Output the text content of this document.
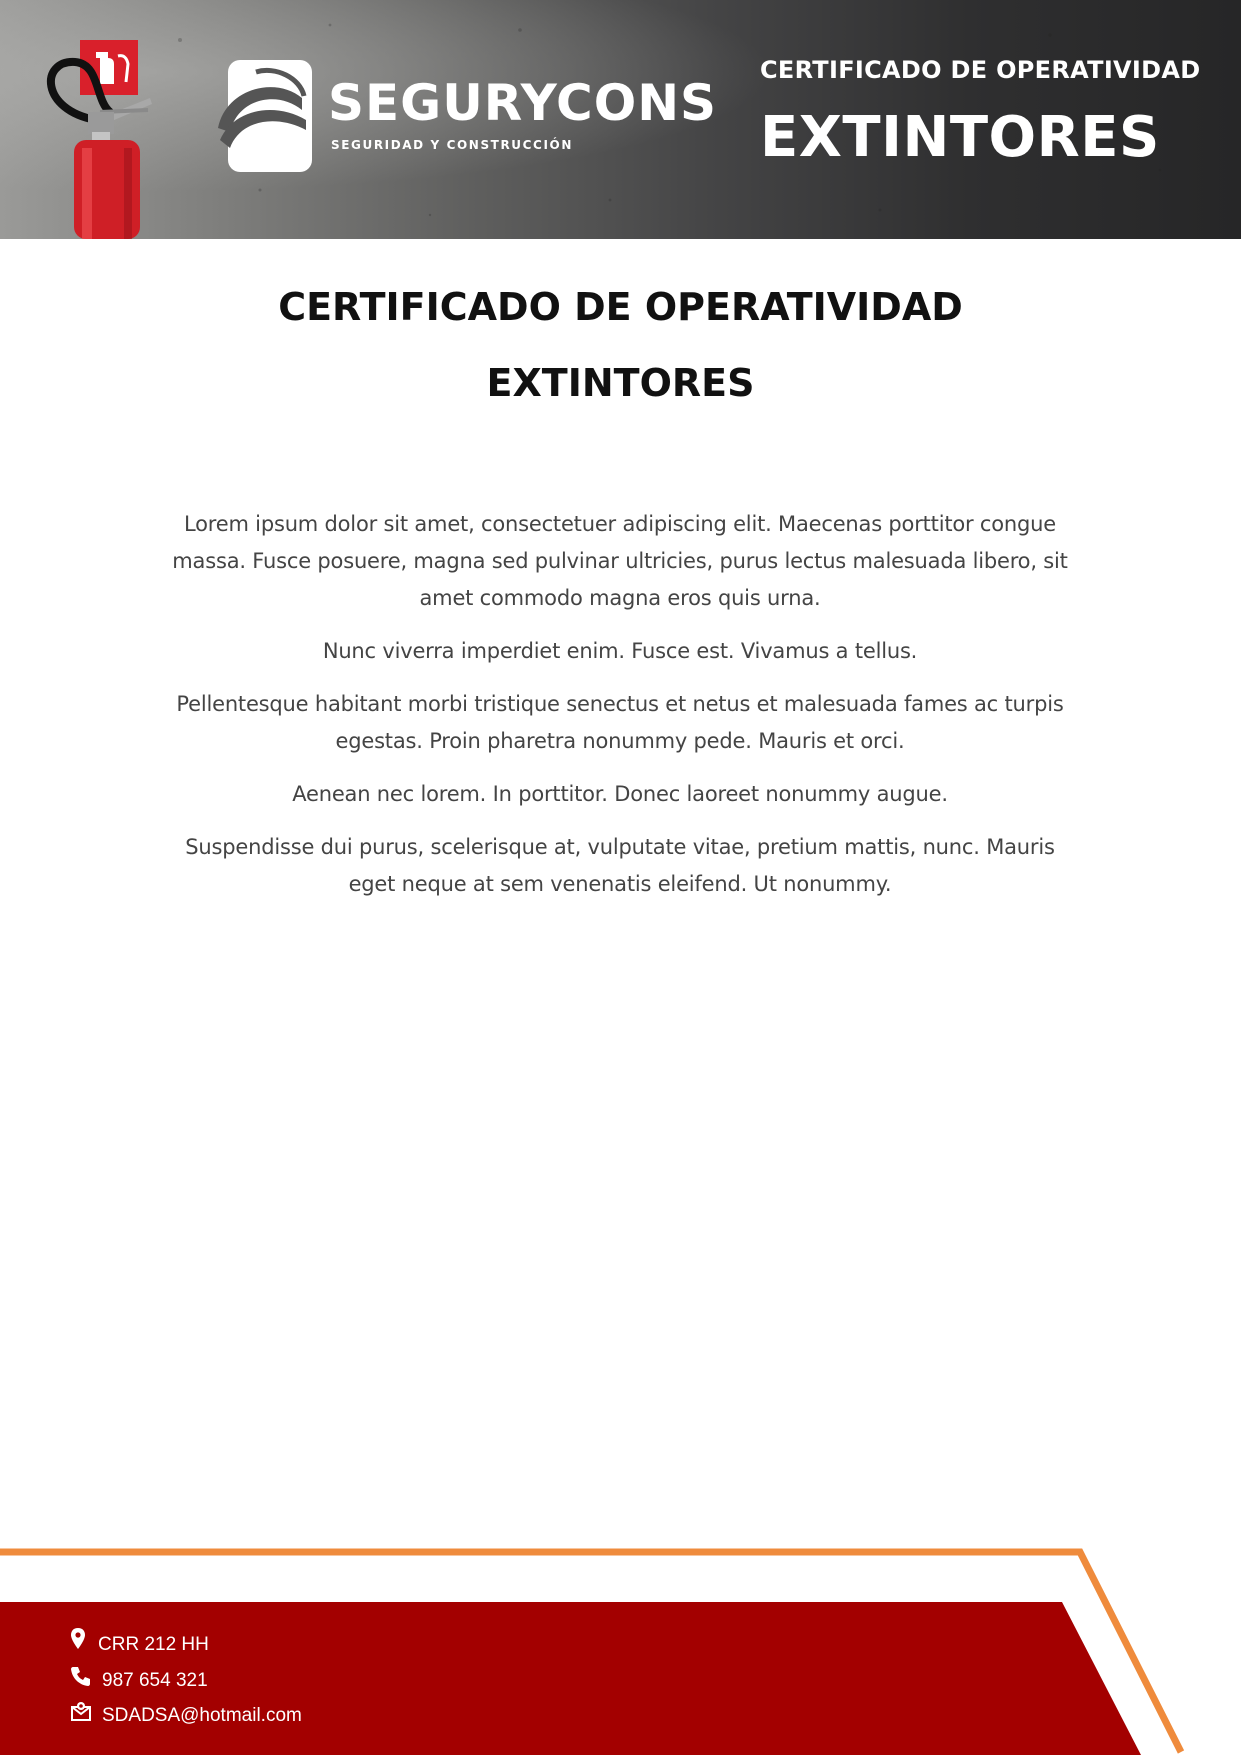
SEGURYCONS

SEGURIDAD Y CONSTRUCCIÓN

CERTIFICADO DE OPERATIVIDAD

EXTINTORES
CERTIFICADO DE OPERATIVIDAD
EXTINTORES

Lorem ipsum dolor sit amet, consectetuer adipiscing elit. Maecenas porttitor congue massa. Fusce posuere, magna sed pulvinar ultricies, purus lectus malesuada libero, sit amet commodo magna eros quis urna.

Nunc viverra imperdiet enim. Fusce est. Vivamus a tellus.

Pellentesque habitant morbi tristique senectus et netus et malesuada fames ac turpis egestas. Proin pharetra nonummy pede. Mauris et orci.

Aenean nec lorem. In porttitor. Donec laoreet nonummy augue.

Suspendisse dui purus, scelerisque at, vulputate vitae, pretium mattis, nunc. Mauris eget neque at sem venenatis eleifend. Ut nonummy.

CRR 212 HH
987 654 321
SDADSA@hotmail.com
